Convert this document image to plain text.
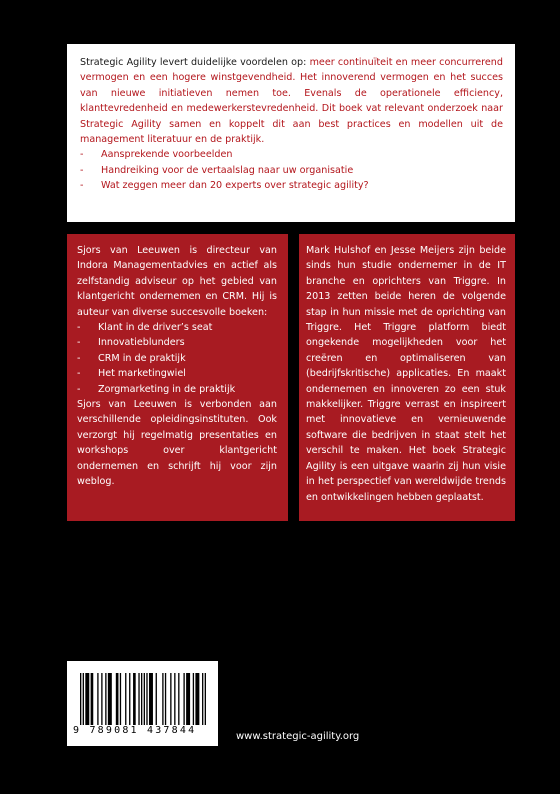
Strategic Agility levert duidelijke voordelen op: meer continuïteit en meer concurrerend vermogen en een hogere winstgevendheid. Het innoverend vermogen en het succes van nieuwe initiatieven nemen toe. Evenals de operationele efficiency, klanttevredenheid en medewerkerstevredenheid. Dit boek vat relevant onderzoek naar Strategic Agility samen en koppelt dit aan best practices en modellen uit de management literatuur en de praktijk.

- Aansprekende voorbeelden
- Handreiking voor de vertaalslag naar uw organisatie
- Wat zeggen meer dan 20 experts over strategic agility?

Sjors van Leeuwen is directeur van Indora Managementadvies en actief als zelfstandig adviseur op het gebied van klantgericht ondernemen en CRM. Hij is auteur van diverse succesvolle boeken:

- Klant in de driver’s seat
- Innovatieblunders
- CRM in de praktijk
- Het marketingwiel
- Zorgmarketing in de praktijk

Sjors van Leeuwen is verbonden aan verschillende opleidingsinstituten. Ook verzorgt hij regelmatig presentaties en workshops over klantgericht ondernemen en schrijft hij voor zijn weblog.

Mark Hulshof en Jesse Meijers zijn beide sinds hun studie ondernemer in de IT branche en oprichters van Triggre. In 2013 zetten beide heren de volgende stap in hun missie met de oprichting van Triggre. Het Triggre platform biedt ongekende mogelijkheden voor het creëren en optimaliseren van (bedrijfskritische) applicaties. En maakt ondernemen en innoveren zo een stuk makkelijker. Triggre verrast en inspireert met innovatieve en vernieuwende software die bedrijven in staat stelt het verschil te maken. Het boek Strategic Agility is een uitgave waarin zij hun visie in het perspectief van wereldwijde trends en ontwikkelingen hebben geplaatst.

9 789081 437844
www.strategic-agility.org
